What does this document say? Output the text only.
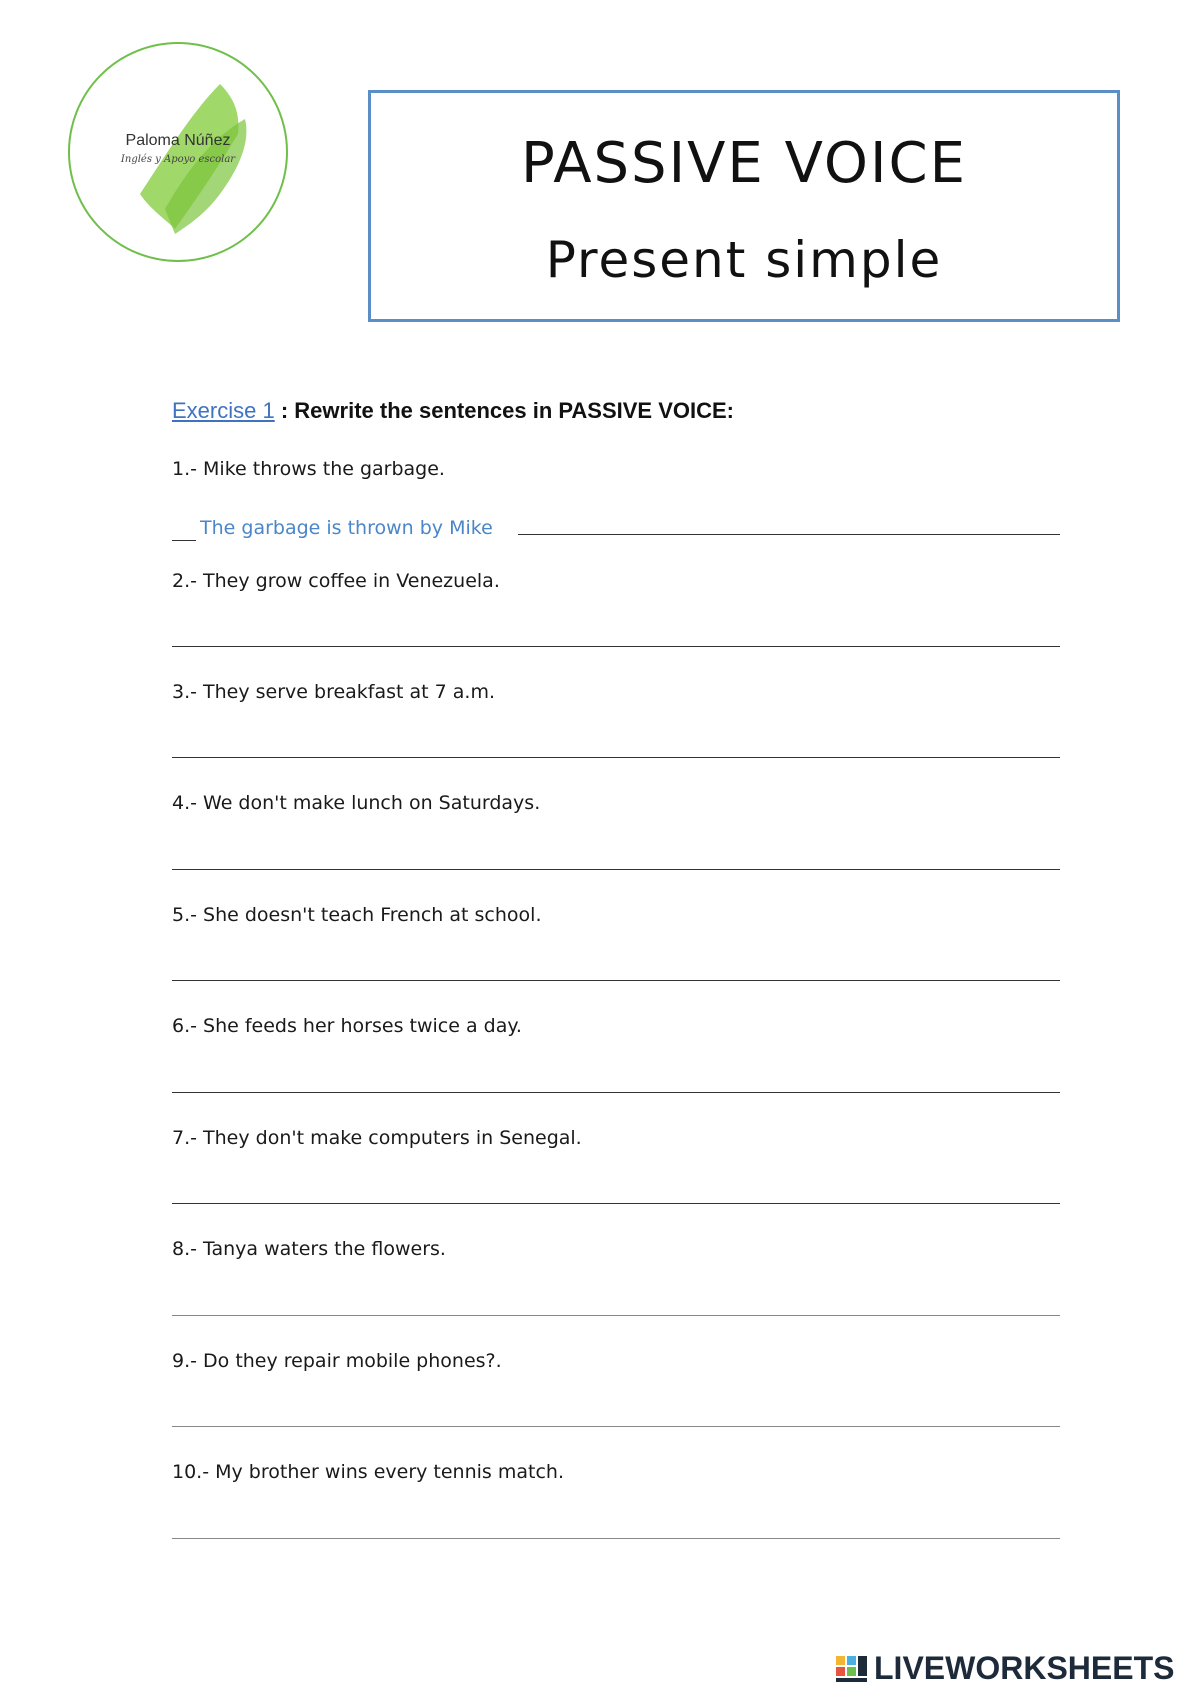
Paloma Núñez
Inglés y Apoyo escolar	PASSIVE VOICE
Present simple
Exercise 1 : Rewrite the sentences in PASSIVE VOICE:
1.- Mike throws the garbage.
The garbage is thrown by Mike
2.- They grow coffee in Venezuela.
3.- They serve breakfast at 7 a.m.
4.- We don't make lunch on Saturdays.
5.- She doesn't teach French at school.
6.- She feeds her horses twice a day.
7.- They don't make computers in Senegal.
8.- Tanya waters the flowers.
9.- Do they repair mobile phones?.
10.- My brother wins every tennis match.
LIVEWORKSHEETS
